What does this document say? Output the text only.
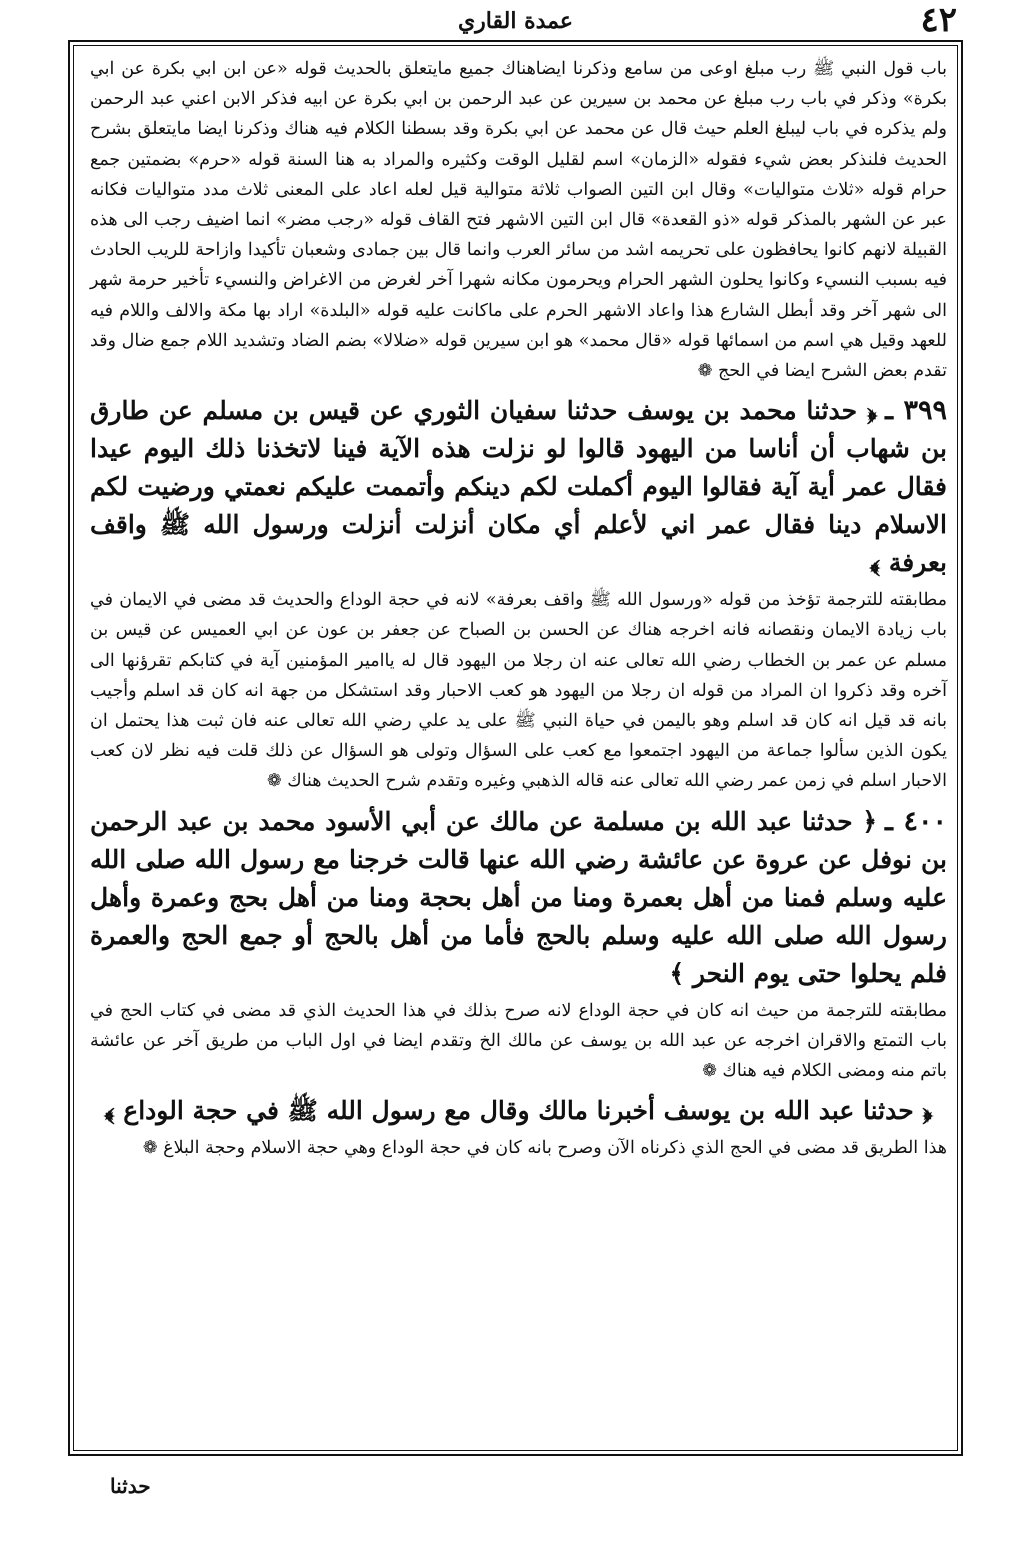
٤٢
عمدة القاري

باب قول النبي ﷺ رب مبلغ اوعى من سامع وذكرنا ايضاهناك جميع مايتعلق بالحديث قوله «عن ابن ابي بكرة عن ابي بكرة» وذكر في باب رب مبلغ عن محمد بن سيرين عن عبد الرحمن بن ابي بكرة عن ابيه فذكر الابن اعني عبد الرحمن ولم يذكره في باب ليبلغ العلم حيث قال عن محمد عن ابي بكرة وقد بسطنا الكلام فيه هناك وذكرنا ايضا مايتعلق بشرح الحديث فلنذكر بعض شيء فقوله «الزمان» اسم لقليل الوقت وكثيره والمراد به هنا السنة قوله «حرم» بضمتين جمع حرام قوله «ثلاث متواليات» وقال ابن التين الصواب ثلاثة متوالية قيل لعله اعاد على المعنى ثلاث مدد متواليات فكانه عبر عن الشهر بالمذكر قوله «ذو القعدة» قال ابن التين الاشهر فتح القاف قوله «رجب مضر» انما اضيف رجب الى هذه القبيلة لانهم كانوا يحافظون على تحريمه اشد من سائر العرب وانما قال بين جمادى وشعبان تأكيدا وازاحة للريب الحادث فيه بسبب النسيء وكانوا يحلون الشهر الحرام ويحرمون مكانه شهرا آخر لغرض من الاغراض والنسيء تأخير حرمة شهر الى شهر آخر وقد أبطل الشارع هذا واعاد الاشهر الحرم على ماكانت عليه قوله «البلدة» اراد بها مكة والالف واللام فيه للعهد وقيل هي اسم من اسمائها قوله «قال محمد» هو ابن سيرين قوله «ضلالا» بضم الضاد وتشديد اللام جمع ضال وقد تقدم بعض الشرح ايضا في الحج ❁

٣٩٩ ـ﴿ حدثنا محمد بن يوسف حدثنا سفيان الثوري عن قيس بن مسلم عن طارق بن شهاب أن أناسا من اليهود قالوا لو نزلت هذه الآية فينا لاتخذنا ذلك اليوم عيدا فقال عمر أية آية فقالوا اليوم أكملت لكم دينكم وأتممت عليكم نعمتي ورضيت لكم الاسلام دينا فقال عمر اني لأعلم أي مكان أنزلت أنزلت ورسول الله ﷺ واقف بعرفة ﴾

مطابقته للترجمة تؤخذ من قوله «ورسول الله ﷺ واقف بعرفة» لانه في حجة الوداع والحديث قد مضى في الايمان في باب زيادة الايمان ونقصانه فانه اخرجه هناك عن الحسن بن الصباح عن جعفر بن عون عن ابي العميس عن قيس بن مسلم عن عمر بن الخطاب رضي الله تعالى عنه ان رجلا من اليهود قال له ياامير المؤمنين آية في كتابكم تقرؤنها الى آخره وقد ذكروا ان المراد من قوله ان رجلا من اليهود هو كعب الاحبار وقد استشكل من جهة انه كان قد اسلم وأجيب بانه قد قيل انه كان قد اسلم وهو باليمن في حياة النبي ﷺ على يد علي رضي الله تعالى عنه فان ثبت هذا يحتمل ان يكون الذين سألوا جماعة من اليهود اجتمعوا مع كعب على السؤال وتولى هو السؤال عن ذلك قلت فيه نظر لان كعب الاحبار اسلم في زمن عمر رضي الله تعالى عنه قاله الذهبي وغيره وتقدم شرح الحديث هناك ❁

٤٠٠ ـ﴿ حدثنا عبد الله بن مسلمة عن مالك عن أبي الأسود محمد بن عبد الرحمن بن نوفل عن عروة عن عائشة رضي الله عنها قالت خرجنا مع رسول الله صلى الله عليه وسلم فمنا من أهل بعمرة ومنا من أهل بحجة ومنا من أهل بحج وعمرة وأهل رسول الله صلى الله عليه وسلم بالحج فأما من أهل بالحج أو جمع الحج والعمرة فلم يحلوا حتى يوم النحر ﴾

مطابقته للترجمة من حيث انه كان في حجة الوداع لانه صرح بذلك في هذا الحديث الذي قد مضى في كتاب الحج في باب التمتع والاقران اخرجه عن عبد الله بن يوسف عن مالك الخ وتقدم ايضا في اول الباب من طريق آخر عن عائشة باتم منه ومضى الكلام فيه هناك ❁

﴿ حدثنا عبد الله بن يوسف أخبرنا مالك وقال مع رسول الله ﷺ في حجة الوداع ﴾

هذا الطريق قد مضى في الحج الذي ذكرناه الآن وصرح بانه كان في حجة الوداع وهي حجة الاسلام وحجة البلاغ ❁

حدثنا
